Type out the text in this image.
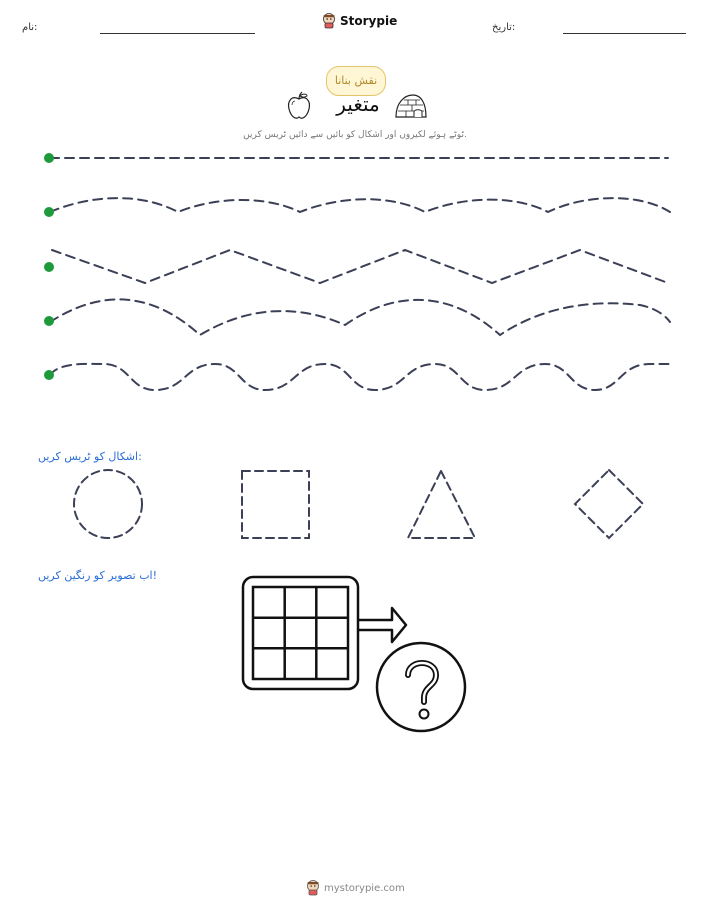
نام:	Storypie	تاریخ:
نقش بنانا
متغیر
ٹوٹے ہوئے لکیروں اور اشکال کو بائیں سے دائیں ٹریس کریں.
اشکال کو ٹریس کریں:
اب تصویر کو رنگین کریں!
mystorypie.com
